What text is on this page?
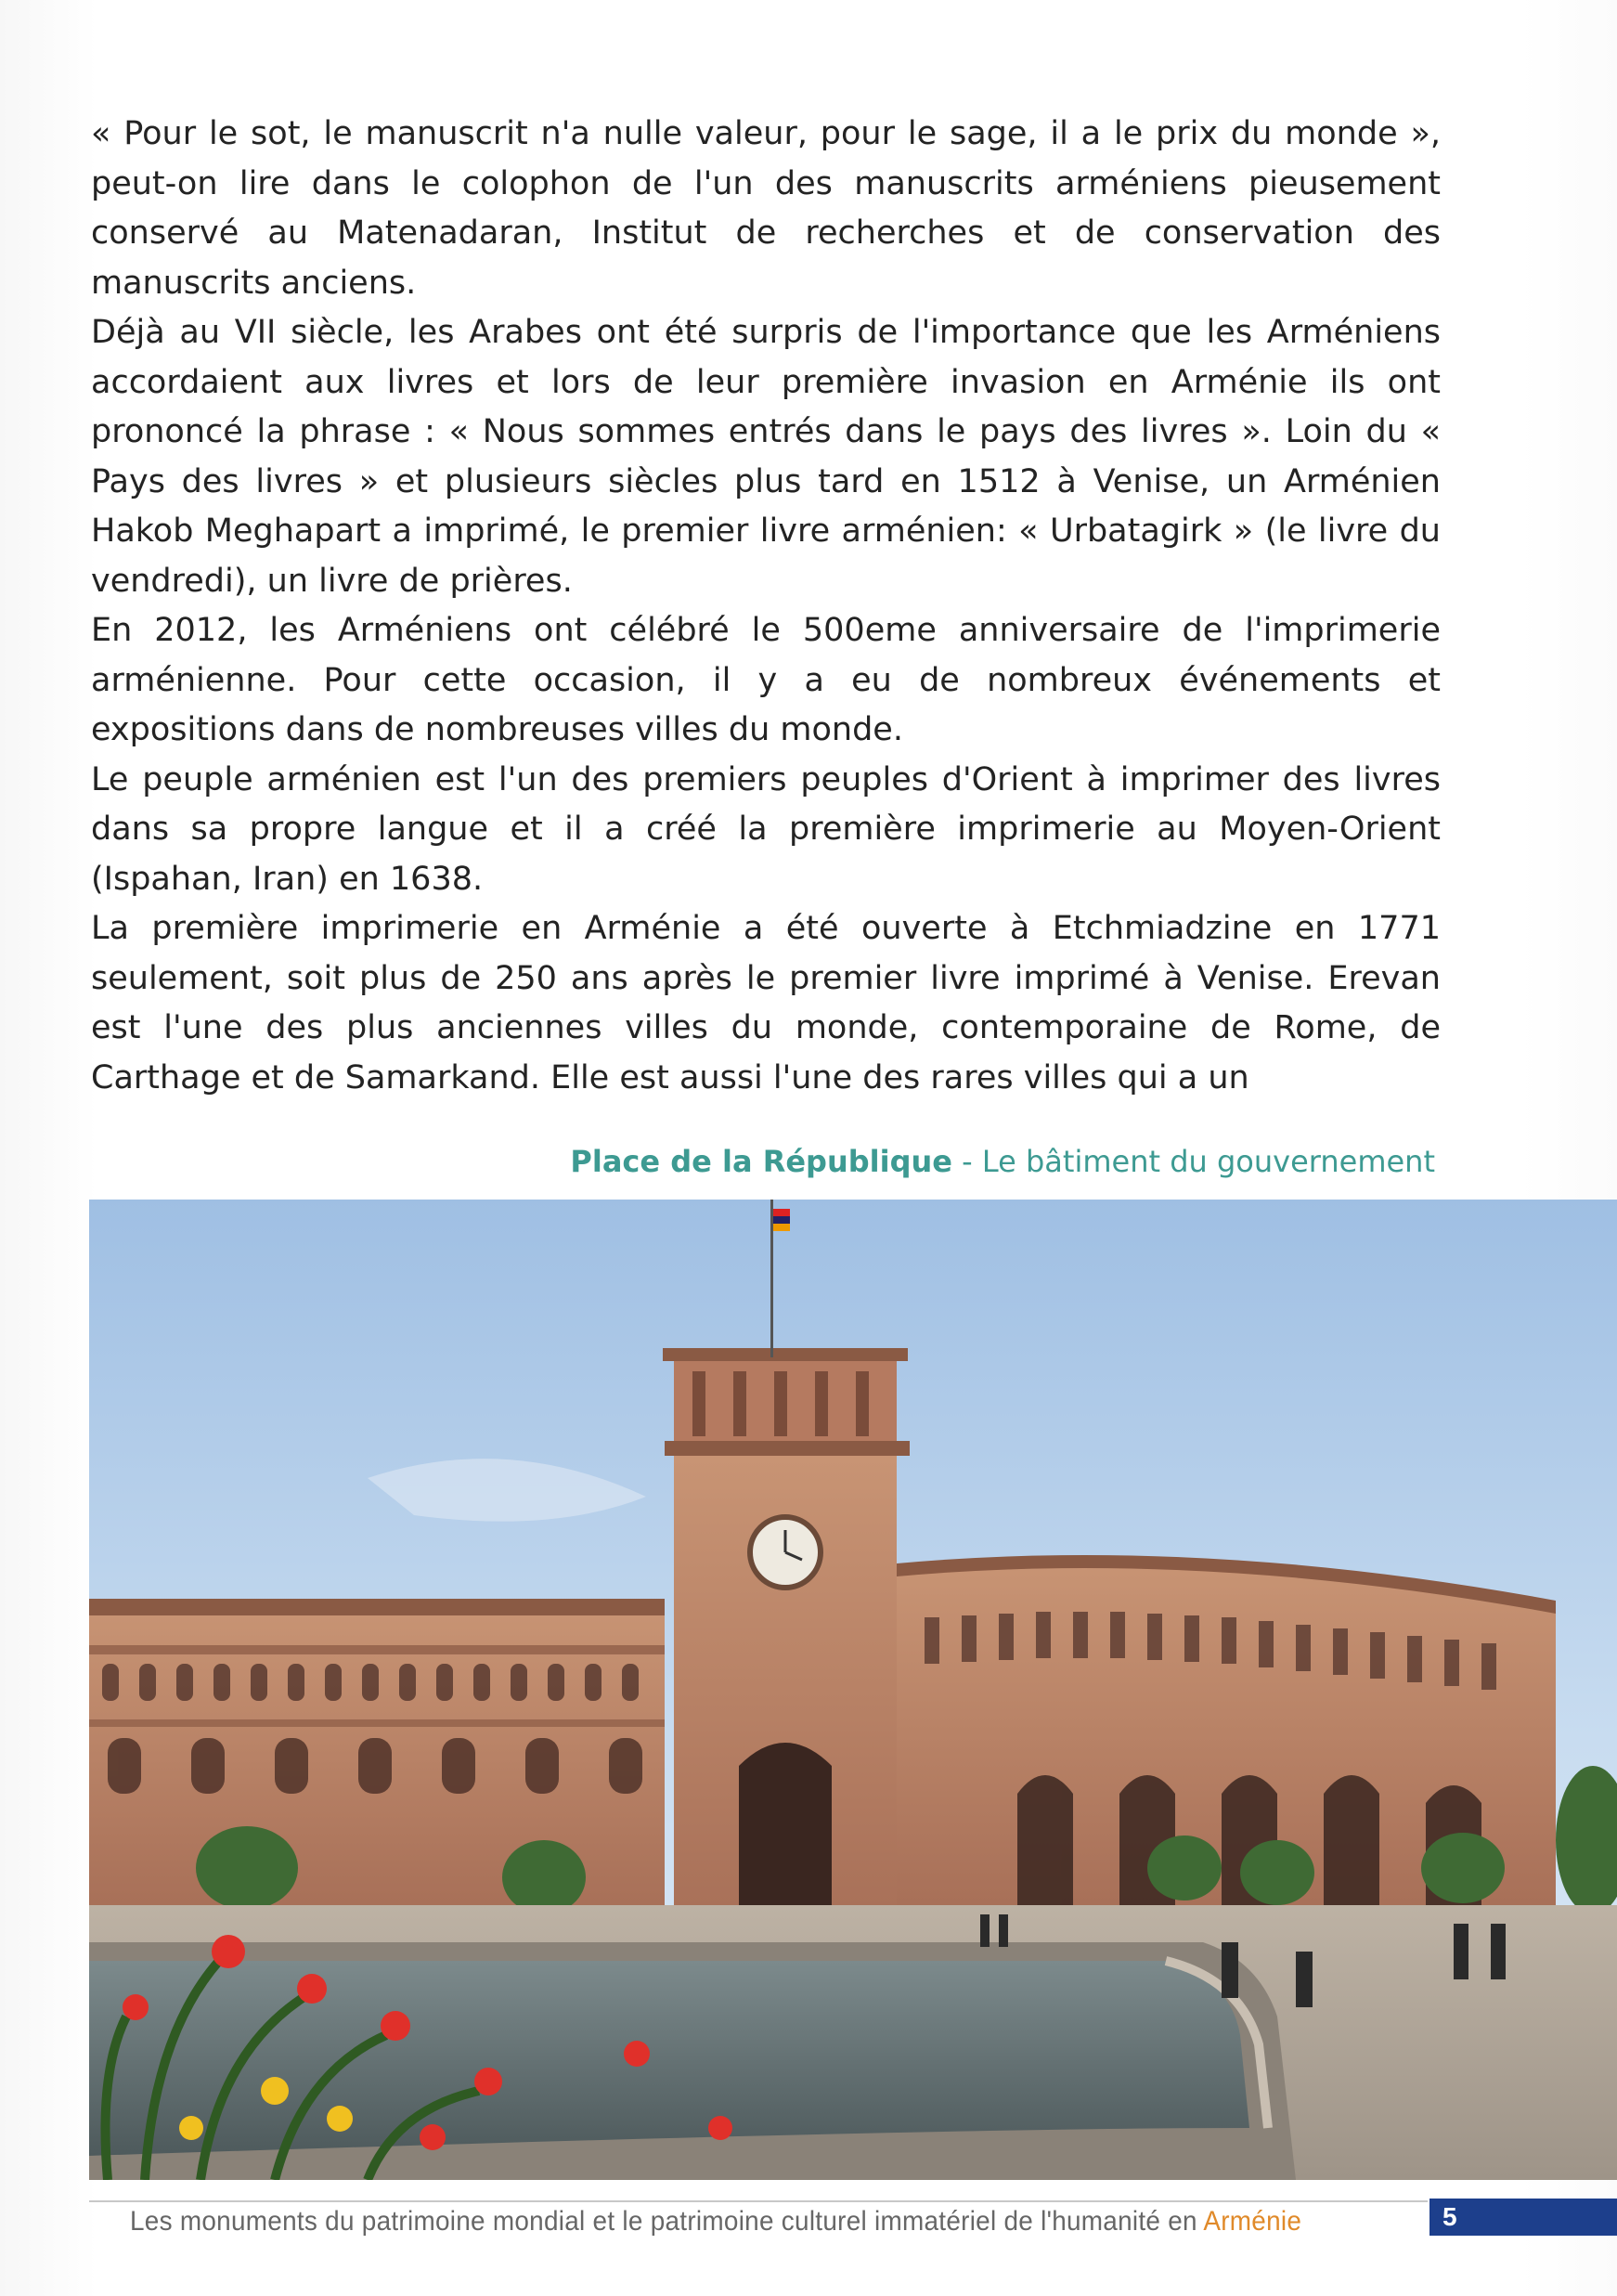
« Pour le sot, le manuscrit n'a nulle valeur, pour le sage, il a le prix du monde », peut-on lire dans le colophon de l'un des manuscrits arméniens pieusement conservé au Matenadaran, Institut de recherches et de conservation des manuscrits anciens.

Déjà au VII siècle, les Arabes ont été surpris de l'importance que les Arméniens accordaient aux livres et lors de leur première invasion en Arménie ils ont prononcé la phrase : « Nous sommes entrés dans le pays des livres ». Loin du « Pays des livres » et plusieurs siècles plus tard en 1512 à Venise, un Arménien Hakob Meghapart a imprimé, le premier livre arménien: « Urbatagirk » (le livre du vendredi), un livre de prières.

En 2012, les Arméniens ont célébré le 500eme anniversaire de l'imprimerie arménienne. Pour cette occasion, il y a eu de nombreux événements et expositions dans de nombreuses villes du monde.

Le peuple arménien est l'un des premiers peuples d'Orient à imprimer des livres dans sa propre langue et il a créé la première imprimerie au Moyen-Orient (Ispahan, Iran) en 1638.

La première imprimerie en Arménie a été ouverte à Etchmiadzine en 1771 seulement, soit plus de 250 ans après le premier livre imprimé à Venise. Erevan est l'une des plus anciennes villes du monde, contemporaine de Rome, de Carthage et de Samarkand. Elle est aussi l'une des rares villes qui a un

Place de la République - Le bâtiment du gouvernement
Les monuments du patrimoine mondial et le patrimoine culturel immatériel de l'humanité en Arménie	5
